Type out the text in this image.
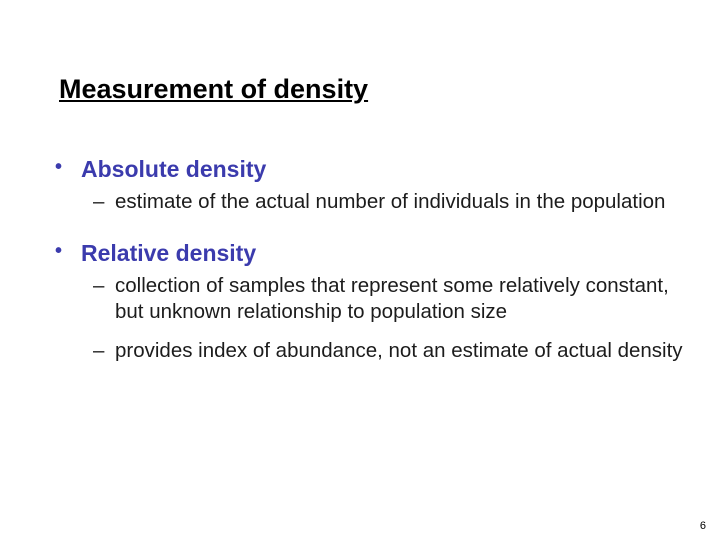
Measurement of density
• Absolute density
– estimate of the actual number of individuals in the population
• Relative density
– collection of samples that represent some relatively constant, but unknown relationship to population size
– provides index of abundance, not an estimate of actual density
6
